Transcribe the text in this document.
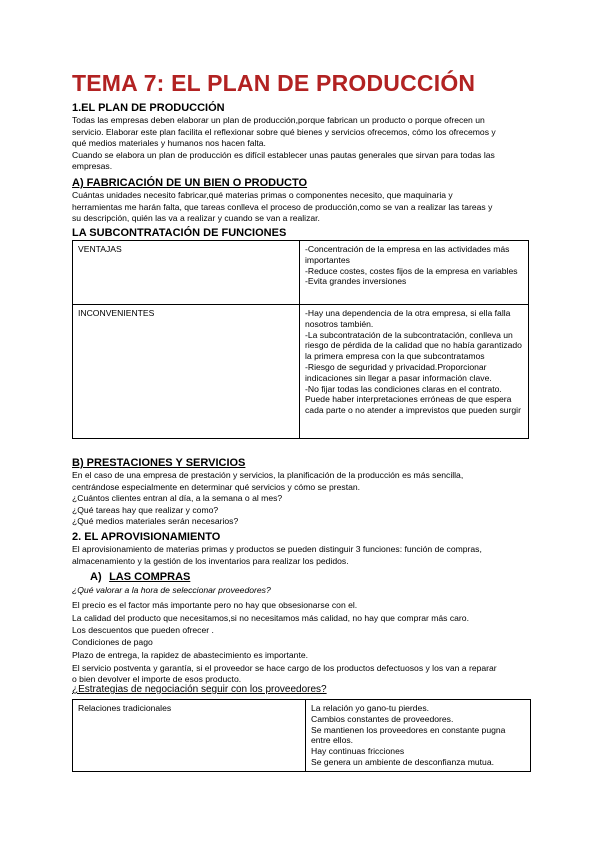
TEMA 7: EL PLAN DE PRODUCCIÓN
1.EL PLAN DE PRODUCCIÓN

Todas las empresas deben elaborar un plan de producción,porque fabrican un producto o porque ofrecen un

servicio. Elaborar este plan facilita el reflexionar sobre qué bienes y servicios ofrecemos, cómo los ofrecemos y

qué medios materiales y humanos nos hacen falta.

Cuando se elabora un plan de producción es difícil establecer unas pautas generales que sirvan para todas las

empresas.

A) FABRICACIÓN DE UN BIEN O PRODUCTO

Cuántas unidades necesito fabricar,qué materias primas o componentes necesito, que maquinaria y

herramientas me harán falta, que tareas conlleva el proceso de producción,como se van a realizar las tareas y

su descripción, quién las va a realizar y cuando se van a realizar.

LA SUBCONTRATACIÓN DE FUNCIONES
VENTAJAS	-Concentración de la empresa en las actividades más importantes
-Reduce costes, costes fijos de la empresa en variables
-Evita grandes inversiones

INCONVENIENTES	-Hay una dependencia de la otra empresa, si ella falla nosotros también.
-La subcontratación de la subcontratación, conlleva un riesgo de pérdida de la calidad que no había garantizado la primera empresa con la que subcontratamos
-Riesgo de seguridad y privacidad.Proporcionar indicaciones sin llegar a pasar información clave.
-No fijar todas las condiciones claras en el contrato. Puede haber interpretaciones erróneas de que espera cada parte o no atender a imprevistos que pueden surgir
B) PRESTACIONES Y SERVICIOS

En el caso de una empresa de prestación y servicios, la planificación de la producción es más sencilla,

centrándose especialmente en determinar qué servicios y cómo se prestan.

¿Cuántos clientes entran al día, a la semana o al mes?

¿Qué tareas hay que realizar y como?

¿Qué medios materiales serán necesarios?

2. EL APROVISIONAMIENTO

El aprovisionamiento de materias primas y productos se pueden distinguir 3 funciones: función de compras,

almacenamiento y la gestión de los inventarios para realizar los pedidos.

A) LAS COMPRAS

¿Qué valorar a la hora de seleccionar proveedores?

El precio es el factor más importante pero no hay que obsesionarse con el.

La calidad del producto que necesitamos,si no necesitamos más calidad, no hay que comprar más caro.

Los descuentos que pueden ofrecer .

Condiciones de pago

Plazo de entrega, la rapidez de abastecimiento es importante.

El servicio postventa y garantía, si el proveedor se hace cargo de los productos defectuosos y los van a reparar

o bien devolver el importe de esos producto.

¿Estrategias de negociación seguir con los proveedores?
Relaciones tradicionales	La relación yo gano-tu pierdes.
Cambios constantes de proveedores.
Se mantienen los proveedores en constante pugna entre ellos.
Hay continuas fricciones
Se genera un ambiente de desconfianza mutua.
